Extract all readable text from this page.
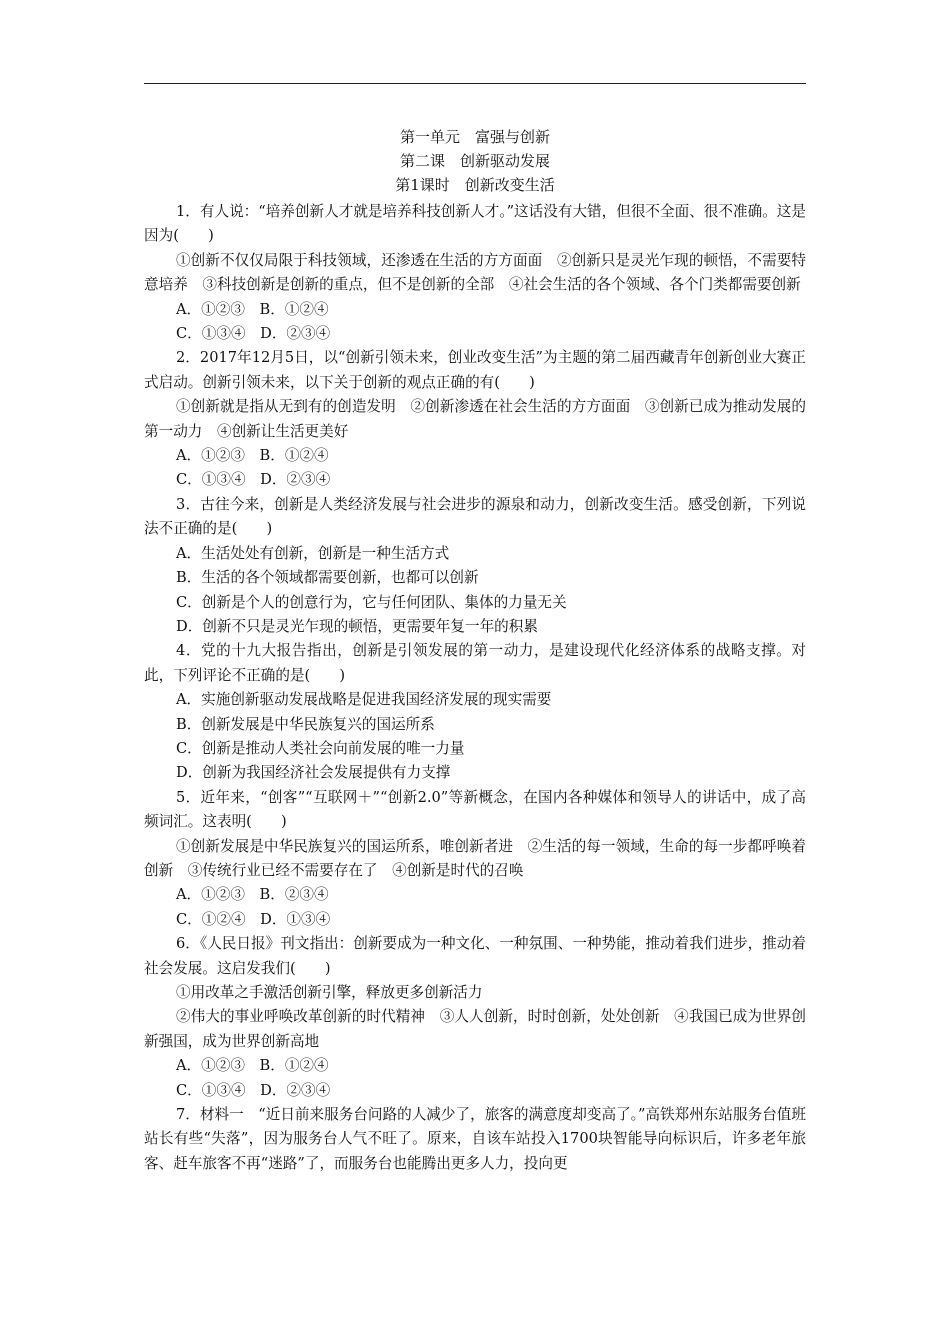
第一单元　富强与创新
第二课　创新驱动发展
第1课时　创新改变生活

1．有人说：“培养创新人才就是培养科技创新人才。”这话没有大错，但很不全面、很不准确。这是因为(　　)

①创新不仅仅局限于科技领域，还渗透在生活的方方面面　②创新只是灵光乍现的顿悟，不需要特意培养　③科技创新是创新的重点，但不是创新的全部　④社会生活的各个领域、各个门类都需要创新

A．①②③　B．①②④

C．①③④　D．②③④

2．2017年12月5日，以“创新引领未来，创业改变生活”为主题的第二届西藏青年创新创业大赛正式启动。创新引领未来，以下关于创新的观点正确的有(　　)

①创新就是指从无到有的创造发明　②创新渗透在社会生活的方方面面　③创新已成为推动发展的第一动力　④创新让生活更美好

A．①②③　B．①②④

C．①③④　D．②③④

3．古往今来，创新是人类经济发展与社会进步的源泉和动力，创新改变生活。感受创新，下列说法不正确的是(　　)

A．生活处处有创新，创新是一种生活方式

B．生活的各个领域都需要创新，也都可以创新

C．创新是个人的创意行为，它与任何团队、集体的力量无关

D．创新不只是灵光乍现的顿悟，更需要年复一年的积累

4．党的十九大报告指出，创新是引领发展的第一动力，是建设现代化经济体系的战略支撑。对此，下列评论不正确的是(　　)

A．实施创新驱动发展战略是促进我国经济发展的现实需要

B．创新发展是中华民族复兴的国运所系

C．创新是推动人类社会向前发展的唯一力量

D．创新为我国经济社会发展提供有力支撑

5．近年来，“创客”“互联网＋”“创新2.0”等新概念，在国内各种媒体和领导人的讲话中，成了高频词汇。这表明(　　)

①创新发展是中华民族复兴的国运所系，唯创新者进　②生活的每一领域，生命的每一步都呼唤着创新　③传统行业已经不需要存在了　④创新是时代的召唤

A．①②③　B．②③④

C．①②④　D．①③④

6．《人民日报》刊文指出：创新要成为一种文化、一种氛围、一种势能，推动着我们进步，推动着社会发展。这启发我们(　　)

①用改革之手激活创新引擎，释放更多创新活力

②伟大的事业呼唤改革创新的时代精神　③人人创新，时时创新，处处创新　④我国已成为世界创新强国，成为世界创新高地

A．①②③　B．①②④

C．①③④　D．②③④

7．材料一　“近日前来服务台问路的人减少了，旅客的满意度却变高了。”高铁郑州东站服务台值班站长有些“失落”，因为服务台人气不旺了。原来，自该车站投入1700块智能导向标识后，许多老年旅客、赶车旅客不再“迷路”了，而服务台也能腾出更多人力，投向更
